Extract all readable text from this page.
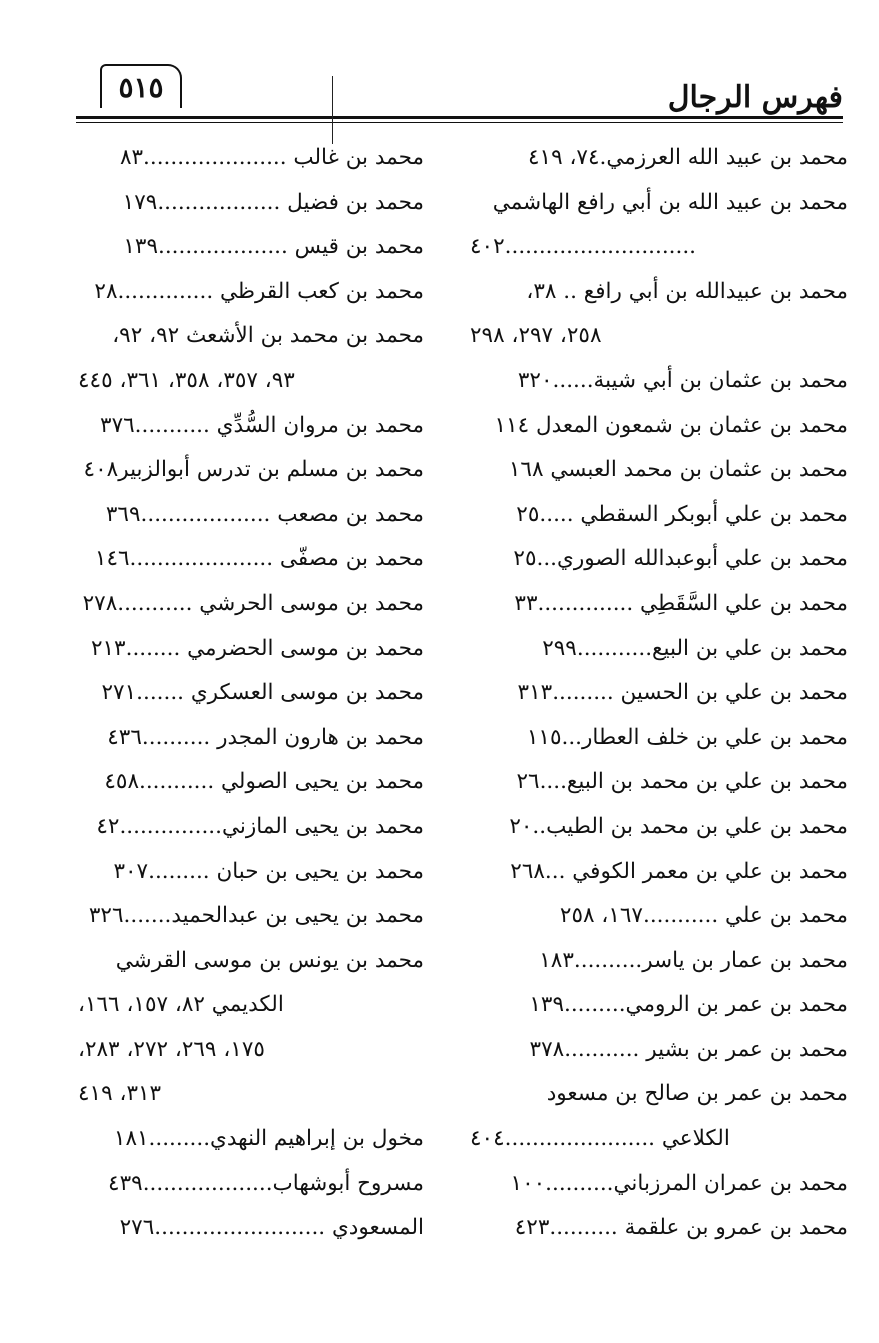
٥١٥	فهرس الرجال
محمد بن عبيد الله العرزمي.٧٤، ٤١٩
محمد بن عبيد الله بن أبي رافع الهاشمي
............................٤٠٢
محمد بن عبيدالله بن أبي رافع .. ٣٨،
٢٥٨، ٢٩٧، ٢٩٨
محمد بن عثمان بن أبي شيبة......٣٢٠
محمد بن عثمان بن شمعون المعدل ١١٤
محمد بن عثمان بن محمد العبسي ١٦٨
محمد بن علي أبوبكر السقطي .....٢٥
محمد بن علي أبوعبدالله الصوري...٢٥
محمد بن علي السَّقَطِي ..............٣٣
محمد بن علي بن البيع...........٢٩٩
محمد بن علي بن الحسين .........٣١٣
محمد بن علي بن خلف العطار...١١٥
محمد بن علي بن محمد بن البيع....٢٦
محمد بن علي بن محمد بن الطيب..٢٠
محمد بن علي بن معمر الكوفي ...٢٦٨
محمد بن علي ...........١٦٧، ٢٥٨
محمد بن عمار بن ياسر..........١٨٣
محمد بن عمر بن الرومي.........١٣٩
محمد بن عمر بن بشير ...........٣٧٨
محمد بن عمر بن صالح بن مسعود
الكلاعي ......................٤٠٤
محمد بن عمران المرزباني..........١٠٠
محمد بن عمرو بن علقمة ..........٤٢٣
محمد بن غالب .....................٨٣
محمد بن فضيل ..................١٧٩
محمد بن قيس ...................١٣٩
محمد بن كعب القرظي ..............٢٨
محمد بن محمد بن الأشعث ٩٢، ٩٢،
٩٣، ٣٥٧، ٣٥٨، ٣٦١، ٤٤٥
محمد بن مروان السُّدِّي ...........٣٧٦
محمد بن مسلم بن تدرس أبوالزبير٤٠٨
محمد بن مصعب ...................٣٦٩
محمد بن مصفّى .....................١٤٦
محمد بن موسى الحرشي ...........٢٧٨
محمد بن موسى الحضرمي ........٢١٣
محمد بن موسى العسكري .......٢٧١
محمد بن هارون المجدر ..........٤٣٦
محمد بن يحيى الصولي ...........٤٥٨
محمد بن يحيى المازني...............٤٢
محمد بن يحيى بن حبان .........٣٠٧
محمد بن يحيى بن عبدالحميد.......٣٢٦
محمد بن يونس بن موسى القرشي
الكديمي ٨٢، ١٥٧، ١٦٦،
١٧٥، ٢٦٩، ٢٧٢، ٢٨٣،
٣١٣، ٤١٩
مخول بن إبراهيم النهدي.........١٨١
مسروح أبوشهاب...................٤٣٩
المسعودي .........................٢٧٦
